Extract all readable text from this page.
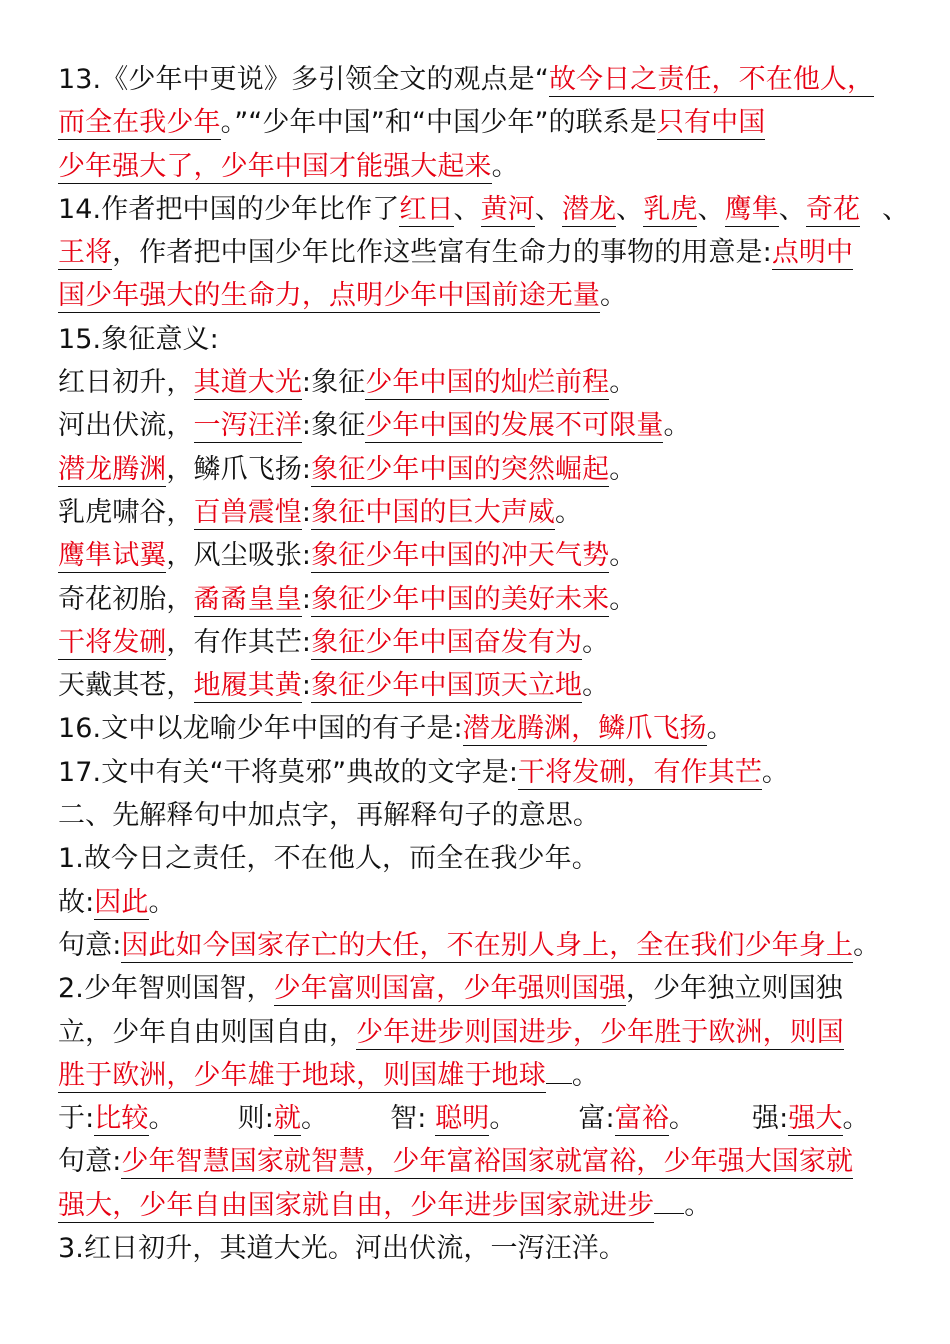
13.《少年中更说》多引领全文的观点是“故今日之责任，不在他人，
而全在我少年。”“少年中国”和“中国少年”的联系是只有中国
少年强大了，少年中国才能强大起来。
14.作者把中国的少年比作了红日、黄河、潜龙、乳虎、鹰隼、奇花 、
王将，作者把中国少年比作这些富有生命力的事物的用意是:点明中
国少年强大的生命力，点明少年中国前途无量。
15.象征意义:
红日初升，其道大光:象征少年中国的灿烂前程。
河出伏流，一泻汪洋:象征少年中国的发展不可限量。
潜龙腾渊，鳞爪飞扬:象征少年中国的突然崛起。
乳虎啸谷，百兽震惶:象征中国的巨大声威。
鹰隼试翼，风尘吸张:象征少年中国的冲天气势。
奇花初胎，矞矞皇皇:象征少年中国的美好未来。
干将发硎，有作其芒:象征少年中国奋发有为。
天戴其苍，地履其黄:象征少年中国顶天立地。
16.文中以龙喻少年中国的有子是:潜龙腾渊，鳞爪飞扬。
17.文中有关“干将莫邪”典故的文字是:干将发硎，有作其芒。
二、先解释句中加点字，再解释句子的意思。
1.故今日之责任，不在他人，而全在我少年。
故:因此。
句意:因此如今国家存亡的大任，不在别人身上，全在我们少年身上。
2.少年智则国智，少年富则国富，少年强则国强，少年独立则国独
立，少年自由则国自由，少年进步则国进步，少年胜于欧洲，则国
胜于欧洲，少年雄于地球，则国雄于地球 。
于:比较。 则:就。 智: 聪明。 富:富裕。 强:强大。
句意:少年智慧国家就智慧，少年富裕国家就富裕，少年强大国家就
强大，少年自由国家就自由，少年进步国家就进步 。
3.红日初升，其道大光。河出伏流，一泻汪洋。
